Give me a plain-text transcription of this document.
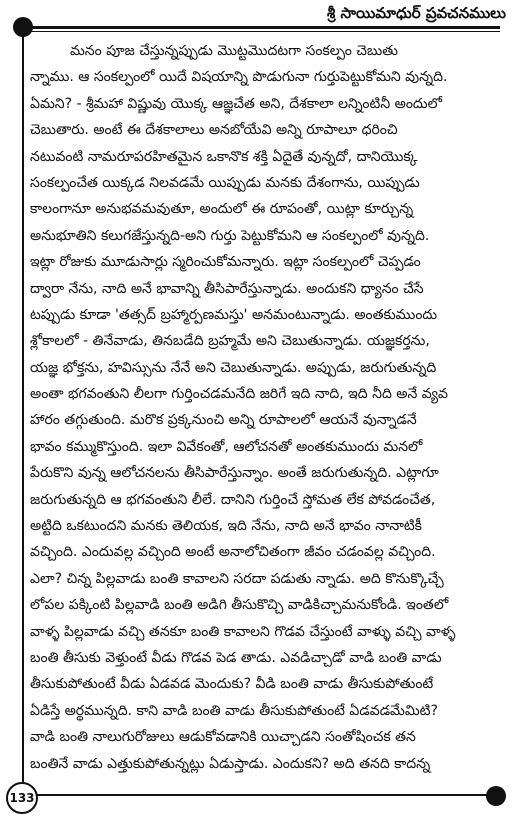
శ్రీ సాయిమాధుర్ ప్రవచనములు
మనం పూజ చేస్తున్నప్పుడు మొట్టమొదటగా సంకల్పం చెబుతు
న్నాము. ఆ సంకల్పంలో యిదే విషయాన్ని పొడుగునా గుర్తుపెట్టుకోమని వున్నది.
ఏమని? - శ్రీమహా విష్ణువు యొక్క ఆజ్ఞచేత అని, దేశకాలా లన్నింటినీ అందులో
చెబుతారు. అంటే ఈ దేశకాలాలు అనబోయేవి అన్ని రూపాలూ ధరించి
నటువంటి నామరూపరహితమైన ఒకానొక శక్తి ఏదైతే వున్నదో, దానియొక్క
సంకల్పంచేత యిక్కడ నిలవడమే యిప్పుడు మనకు దేశంగాను, యిప్పుడు
కాలంగానూ అనుభవమవుతూ, అందులో ఈ రూపంతో, యిట్లా కూర్చున్న
అనుభూతిని కలుగజేస్తున్నది-అని గుర్తు పెట్టుకోమని ఆ సంకల్పంలో వున్నది.
ఇట్లా రోజుకు మూడుసార్లు స్మరించుకోమన్నారు. ఇట్లా సంకల్పంలో చెప్పడం
ద్వారా నేను, నాది అనే భావాన్ని తీసిపారేస్తున్నాడు. అందుకని ధ్యానం చేసే
టప్పుడు కూడా 'తత్సద్ బ్రహ్మార్పణమస్తు' అనమంటున్నాడు. అంతకుముందు
శ్లోకాలలో - తినేవాడు, తినబడేది బ్రహ్మమే అని చెబుతున్నాడు. యజ్ఞకర్తను,
యజ్ఞ భోక్తను, హవిస్సును నేనే అని చెబుతున్నాడు. అప్పుడు, జరుగుతున్నది
అంతా భగవంతుని లీలగా గుర్తించడమనేది జరిగే ఇది నాది, ఇది నీది అనే వ్యవ
హారం తగ్గుతుంది. మరొక ప్రక్కనుంచి అన్ని రూపాలలో ఆయనే వున్నాడనే
భావం కమ్ముకొస్తుంది. ఇలా వివేకంతో, ఆలోచనతో అంతకుముందు మనలో
పేరుకొని వున్న ఆలోచనలను తీసిపారేస్తున్నాం. అంతే జరుగుతున్నది. ఎట్లాగూ
జరుగుతున్నది ఆ భగవంతుని లీలే. దానిని గుర్తించే స్తోమత లేక పోవడంచేత,
అట్టిది ఒకటుందని మనకు తెలియక, ఇది నేను, నాది అనే భావం నానాటికీ
వచ్చింది. ఎందువల్ల వచ్చింది అంటే అనాలోచితంగా జీవం చడంవల్ల వచ్చింది.
ఎలా? చిన్న పిల్లవాడు బంతి కావాలని సరదా పడుతు న్నాడు. అది కొనుక్కొచ్చే
లోపల పక్కింటి పిల్లవాడి బంతి అడిగి తీసుకొచ్చి వాడికిచ్చామనుకోండి. ఇంతలో
వాళ్ళ పిల్లవాడు వచ్చి తనకూ బంతి కావాలని గొడవ చేస్తుంటే వాళ్ళు వచ్చి వాళ్ళ
బంతి తీసుకు వెళ్తుంటే వీడు గొడవ పెడ తాడు. ఎవడిచ్చాడో వాడి బంతి వాడు
తీసుకుపోతుంటే వీడు ఏడవడ మెందుకు? వీడి బంతి వాడు తీసుకుపోతుంటే
ఏడిస్తే అర్థమున్నది. కాని వాడి బంతి వాడు తీసుకుపోతుంటే ఏడవడమేమిటి?
వాడి బంతి నాలుగురోజులు ఆడుకోవడానికి యిచ్చాడని సంతోషించక తన
బంతినే వాడు ఎత్తుకుపోతున్నట్లు ఏడుస్తాడు. ఎందుకని? అది తనది కాదన్న
133
